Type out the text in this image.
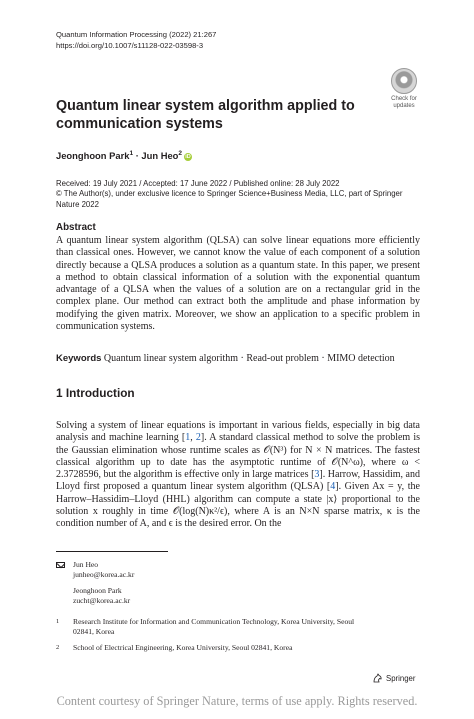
Quantum Information Processing (2022) 21:267
https://doi.org/10.1007/s11128-022-03598-3
Check for
updates
Quantum linear system algorithm applied to communication systems
Jeonghoon Park$^1$ · Jun Heo$^2$ iD
Received: 19 July 2021 / Accepted: 17 June 2022 / Published online: 28 July 2022
© The Author(s), under exclusive licence to Springer Science+Business Media, LLC, part of Springer Nature 2022
Abstract
A quantum linear system algorithm (QLSA) can solve linear equations more efficiently than classical ones. However, we cannot know the value of each component of a solution directly because a QLSA produces a solution as a quantum state. In this paper, we present a method to obtain classical information of a solution with the exponential quantum advantage of a QLSA when the values of a solution are on a rectangular grid in the complex plane. Our method can extract both the amplitude and phase information by modifying the given matrix. Moreover, we show an application to a specific problem in communication systems.
Keywords Quantum linear system algorithm · Read-out problem · MIMO detection
1 Introduction
Solving a system of linear equations is important in various fields, especially in big data analysis and machine learning [1, 2]. A standard classical method to solve the problem is the Gaussian elimination whose runtime scales as 𝒪(N³) for N × N matrices. The fastest classical algorithm up to date has the asymptotic runtime of 𝒪(N^ω), where ω < 2.3728596, but the algorithm is effective only in large matrices [3]. Harrow, Hassidim, and Lloyd first proposed a quantum linear system algorithm (QLSA) [4]. Given Ax = y, the Harrow–Hassidim–Lloyd (HHL) algorithm can compute a state |x⟩ proportional to the solution x roughly in time 𝒪(log(N)κ²/ϵ), where A is an N×N sparse matrix, κ is the condition number of A, and ϵ is the desired error. On the
Jun Heo
junheo@korea.ac.kr
Jeonghoon Park
zucht@korea.ac.kr
1 Research Institute for Information and Communication Technology, Korea University, Seoul
02841, Korea
2 School of Electrical Engineering, Korea University, Seoul 02841, Korea
Springer
Content courtesy of Springer Nature, terms of use apply. Rights reserved.
